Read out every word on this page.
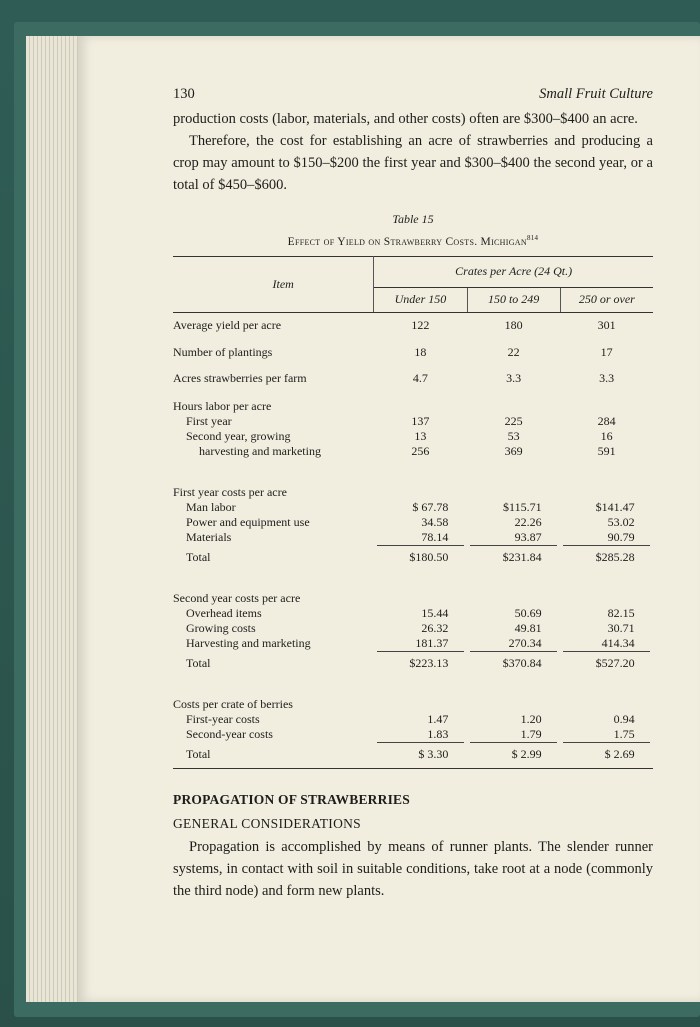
130	Small Fruit Culture

production costs (labor, materials, and other costs) often are $300–$400 an acre.

Therefore, the cost for establishing an acre of strawberries and producing a crop may amount to $150–$200 the first year and $300–$400 the second year, or a total of $450–$600.

Table 15
Effect of Yield on Strawberry Costs. Michigan$^{814}$
Item	Crates per Acre (24 Qt.)		
	Under 150	150 to 249	250 or over
Average yield per acre	122	180	301
Number of plantings	18	22	17
Acres strawberries per farm	4.7	3.3	3.3
Hours labor per acre			
First year	137	225	284
Second year, growing	13	53	16
harvesting and marketing	256	369	591
First year costs per acre			
Man labor	$ 67.78	$115.71	$141.47
Power and equipment use	34.58	22.26	53.02
Materials	78.14	93.87	90.79
Total	$180.50	$231.84	$285.28

Second year costs per acre			
Overhead items	15.44	50.69	82.15
Growing costs	26.32	49.81	30.71
Harvesting and marketing	181.37	270.34	414.34
Total	$223.13	$370.84	$527.20

Costs per crate of berries			
First-year costs	1.47	1.20	0.94
Second-year costs	1.83	1.79	1.75
Total	$ 3.30	$ 2.99	$ 2.69

PROPAGATION OF STRAWBERRIES
GENERAL CONSIDERATIONS

Propagation is accomplished by means of runner plants. The slender runner systems, in contact with soil in suitable conditions, take root at a node (commonly the third node) and form new plants.
